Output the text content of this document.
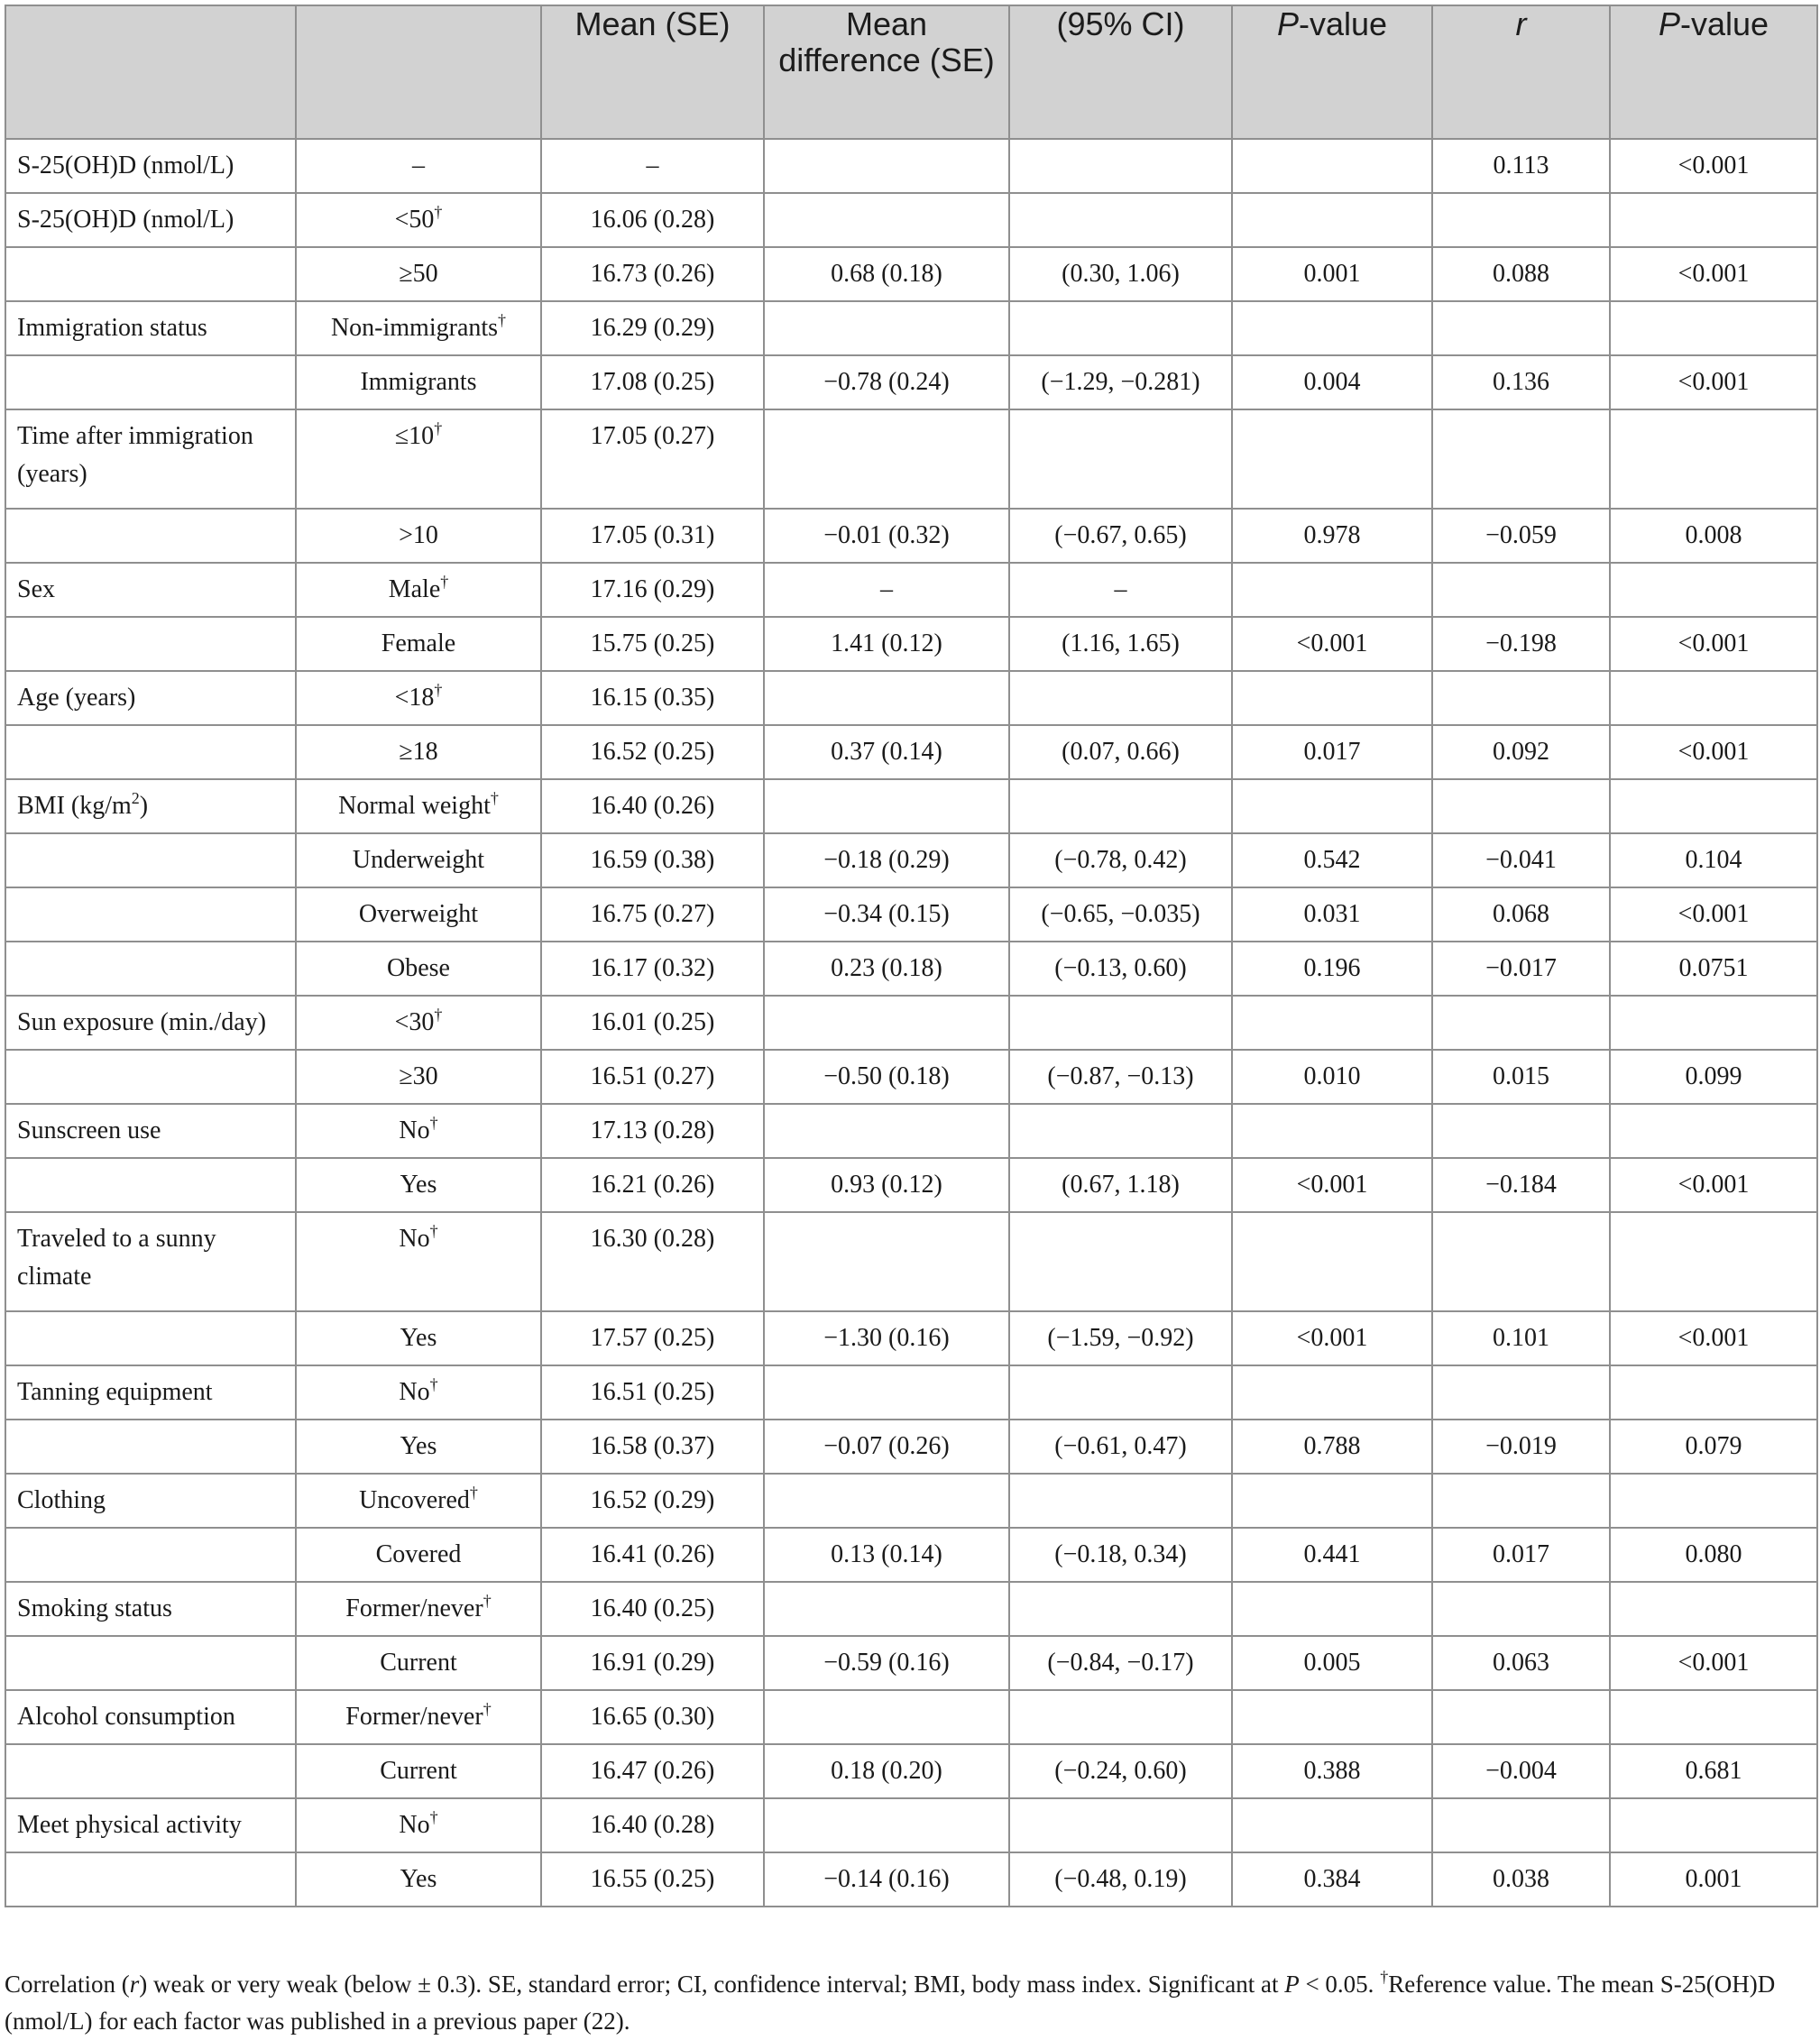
		Mean (SE)	Mean difference (SE)	(95% CI)	P-value	r	P-value
S-25(OH)D (nmol/L)	–	–				0.113	<0.001
S-25(OH)D (nmol/L)	<50†	16.06 (0.28)					
	≥50	16.73 (0.26)	0.68 (0.18)	(0.30, 1.06)	0.001	0.088	<0.001
Immigration status	Non-immigrants†	16.29 (0.29)					
	Immigrants	17.08 (0.25)	−0.78 (0.24)	(−1.29, −0.281)	0.004	0.136	<0.001
Time after immigration (years)	≤10†	17.05 (0.27)					
	>10	17.05 (0.31)	−0.01 (0.32)	(−0.67, 0.65)	0.978	−0.059	0.008
Sex	Male†	17.16 (0.29)	–	–			
	Female	15.75 (0.25)	1.41 (0.12)	(1.16, 1.65)	<0.001	−0.198	<0.001
Age (years)	<18†	16.15 (0.35)					
	≥18	16.52 (0.25)	0.37 (0.14)	(0.07, 0.66)	0.017	0.092	<0.001
BMI $(kg/m^2)$	Normal weight†	16.40 (0.26)					
	Underweight	16.59 (0.38)	−0.18 (0.29)	(−0.78, 0.42)	0.542	−0.041	0.104
	Overweight	16.75 (0.27)	−0.34 (0.15)	(−0.65, −0.035)	0.031	0.068	<0.001
	Obese	16.17 (0.32)	0.23 (0.18)	(−0.13, 0.60)	0.196	−0.017	0.0751
Sun exposure (min./day)	<30†	16.01 (0.25)					
	≥30	16.51 (0.27)	−0.50 (0.18)	(−0.87, −0.13)	0.010	0.015	0.099
Sunscreen use	No†	17.13 (0.28)					
	Yes	16.21 (0.26)	0.93 (0.12)	(0.67, 1.18)	<0.001	−0.184	<0.001
Traveled to a sunny climate	No†	16.30 (0.28)					
	Yes	17.57 (0.25)	−1.30 (0.16)	(−1.59, −0.92)	<0.001	0.101	<0.001
Tanning equipment	No†	16.51 (0.25)					
	Yes	16.58 (0.37)	−0.07 (0.26)	(−0.61, 0.47)	0.788	−0.019	0.079
Clothing	Uncovered†	16.52 (0.29)					
	Covered	16.41 (0.26)	0.13 (0.14)	(−0.18, 0.34)	0.441	0.017	0.080
Smoking status	Former/never†	16.40 (0.25)					
	Current	16.91 (0.29)	−0.59 (0.16)	(−0.84, −0.17)	0.005	0.063	<0.001
Alcohol consumption	Former/never†	16.65 (0.30)					
	Current	16.47 (0.26)	0.18 (0.20)	(−0.24, 0.60)	0.388	−0.004	0.681
Meet physical activity	No†	16.40 (0.28)					
	Yes	16.55 (0.25)	−0.14 (0.16)	(−0.48, 0.19)	0.384	0.038	0.001
Correlation (r) weak or very weak (below ± 0.3). SE, standard error; CI, confidence interval; BMI, body mass index. Significant at P < 0.05. †Reference value. The mean S-25(OH)D (nmol/L) for each factor was published in a previous paper (22).
